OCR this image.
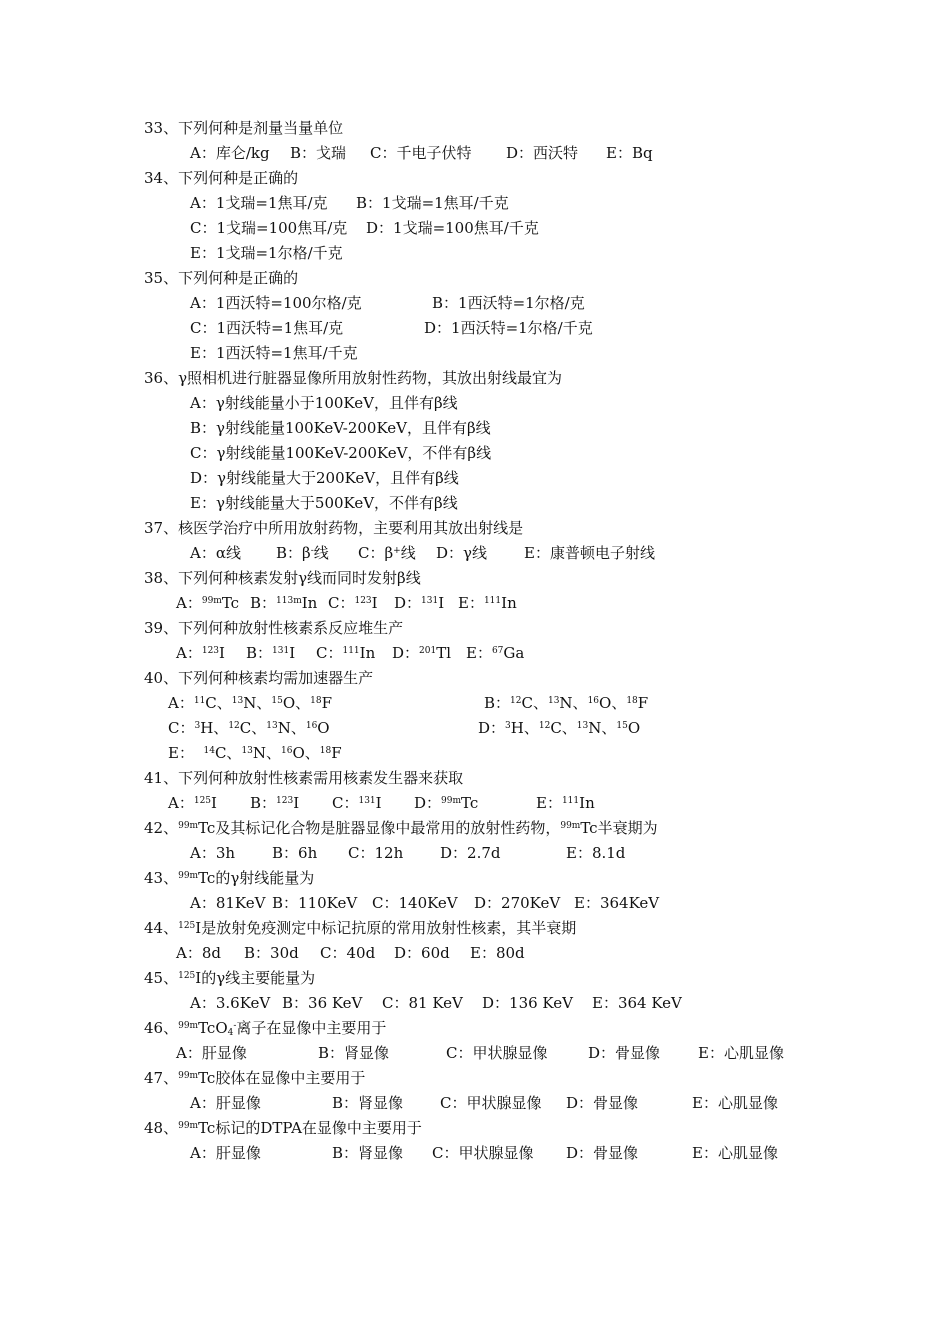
33、下列何种是剂量当量单位
A：库仑/kg B：戈瑞 C：千电子伏特 D：西沃特 E：Bq
34、下列何种是正确的
A：1戈瑞=1焦耳/克 B：1戈瑞=1焦耳/千克
C：1戈瑞=100焦耳/克 D：1戈瑞=100焦耳/千克
E：1戈瑞=1尔格/千克
35、下列何种是正确的
A：1西沃特=100尔格/克	B：1西沃特=1尔格/克
C：1西沃特=1焦耳/克	D：1西沃特=1尔格/千克
E：1西沃特=1焦耳/千克
36、γ照相机进行脏器显像所用放射性药物，其放出射线最宜为
A：γ射线能量小于100KeV，且伴有β线
B：γ射线能量100KeV-200KeV，且伴有β线
C：γ射线能量100KeV-200KeV，不伴有β线
D：γ射线能量大于200KeV，且伴有β线
E：γ射线能量大于500KeV，不伴有β线
37、核医学治疗中所用放射药物，主要利用其放出射线是
A：α线 B：β-线 C：β+线 D：γ线 E：康普顿电子射线
38、下列何种核素发射γ线而同时发射β线
A：$^{99m}$Tc B：$^{113m}$In C：$^{123}$I D：$^{131}$I E：$^{111}$In
39、下列何种放射性核素系反应堆生产
A：$^{123}$I B：$^{131}$I C：$^{111}$In D：$^{201}$Tl E：$^{67}$Ga
40、下列何种核素均需加速器生产
A：$^{11}$C、$^{13}$N、$^{15}$O、$^{18}$F	B：$^{12}$C、$^{13}$N、$^{16}$O、$^{18}$F
C：$^3$H、$^{12}$C、$^{13}$N、$^{16}$O	D：$^3$H、$^{12}$C、$^{13}$N、$^{15}$O
E： $^{14}$C、$^{13}$N、$^{16}$O、$^{18}$F
41、下列何种放射性核素需用核素发生器来获取
A：$^{125}$I B：$^{123}$I C：$^{131}$I D：$^{99m}$Tc	E：$^{111}$In
42、$^{99m}$Tc及其标记化合物是脏器显像中最常用的放射性药物，$^{99m}$Tc半衰期为
A：3h B：6h C：12h D：2.7d	E：8.1d
43、$^{99m}$Tc的γ射线能量为
A：81KeV B：110KeV C：140KeV D：270KeV E：364KeV
44、$^{125}$I是放射免疫测定中标记抗原的常用放射性核素，其半衰期
A：8d B：30d C：40d D：60d E：80d
45、$^{125}$I的γ线主要能量为
A：3.6KeV B：36 KeV C：81 KeV D：136 KeV E：364 KeV
46、$^{99m}$TcO$_4$-离子在显像中主要用于
A：肝显像	B：肾显像	C：甲状腺显像	D：骨显像	E：心肌显像
47、$^{99m}$Tc胶体在显像中主要用于
A：肝显像	B：肾显像 C：甲状腺显像 D：骨显像	E：心肌显像
48、$^{99m}$Tc标记的DTPA在显像中主要用于
A：肝显像	B：肾显像 C：甲状腺显像 D：骨显像	E：心肌显像
